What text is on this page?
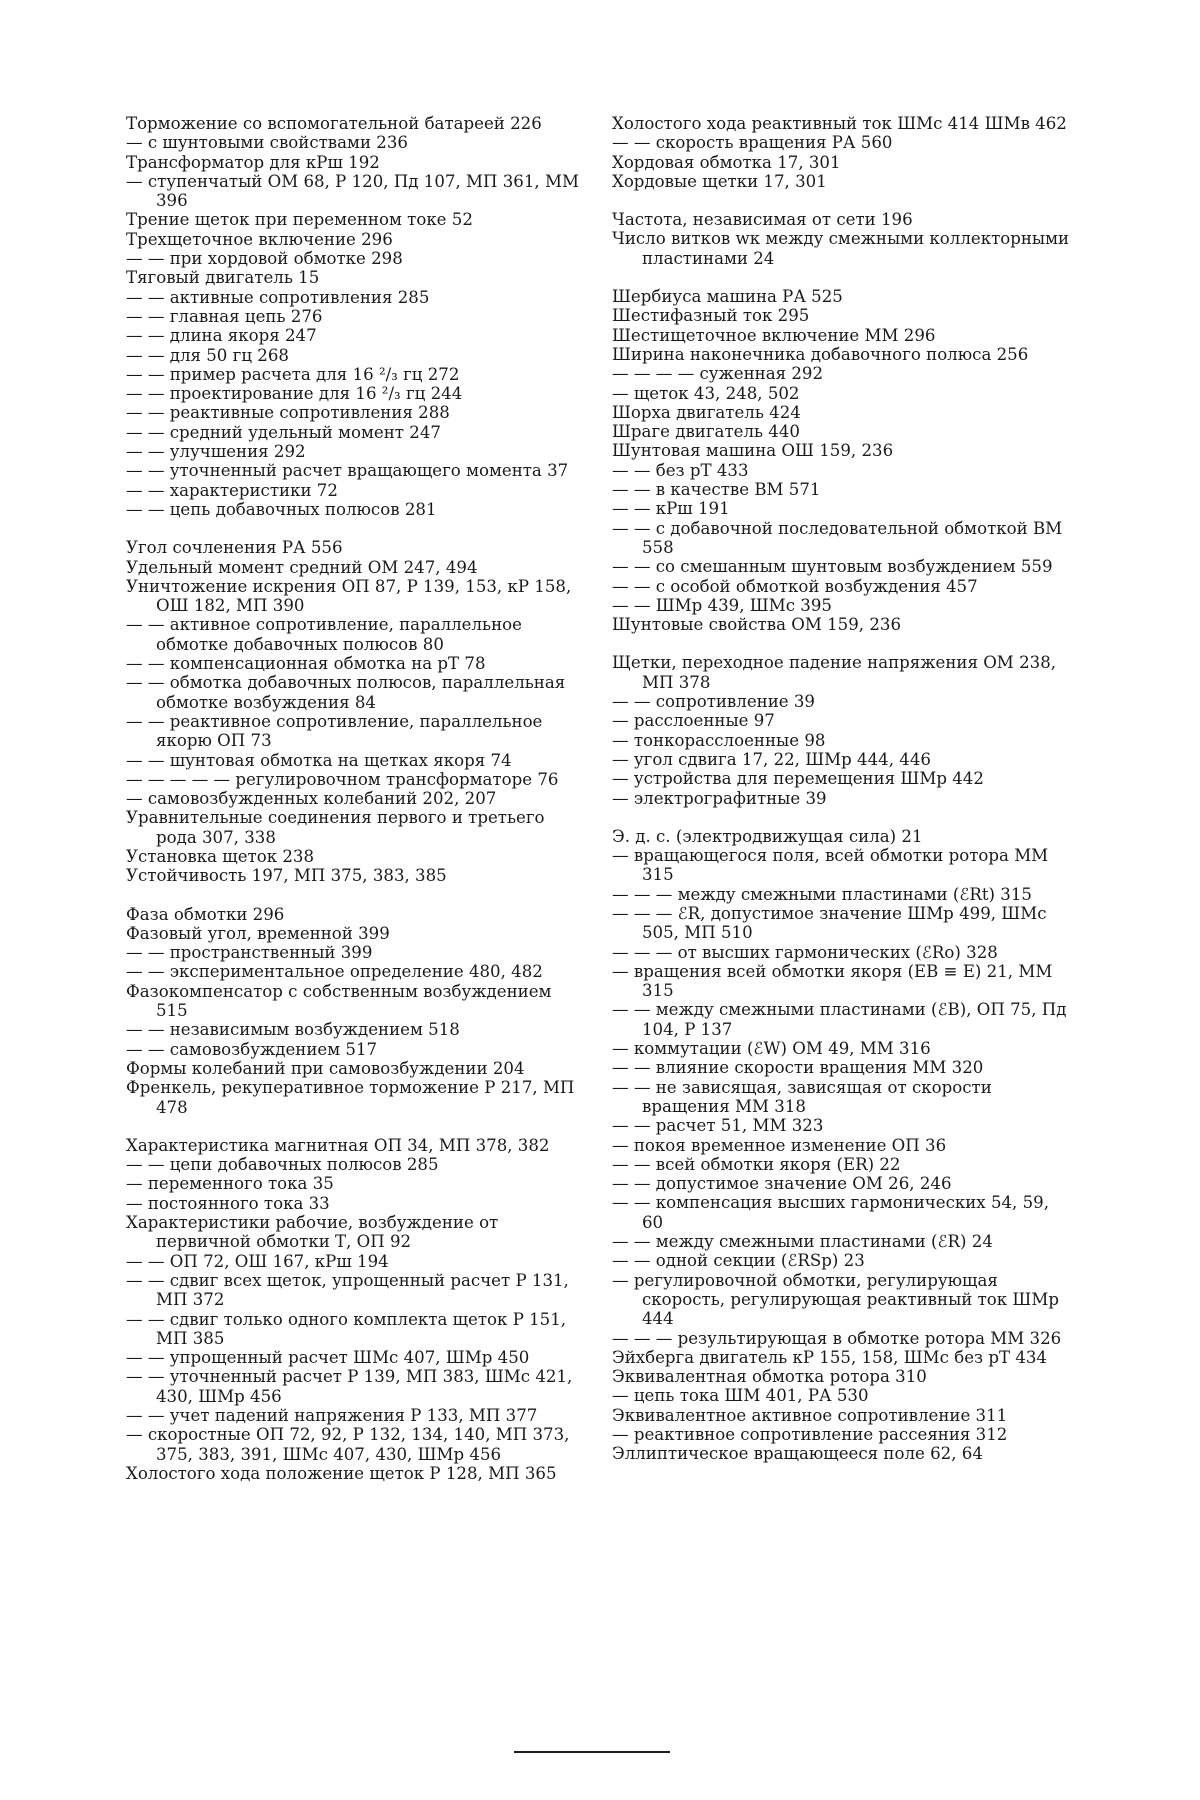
Торможение со вспомогательной батареей 226

— с шунтовыми свойствами 236

Трансформатор для кРш 192

— ступенчатый ОМ 68, Р 120, Пд 107, МП 361, ММ 396

Трение щеток при переменном токе 52

Трехщеточное включение 296

— — при хордовой обмотке 298

Тяговый двигатель 15

— — активные сопротивления 285

— — главная цепь 276

— — длина якоря 247

— — для 50 гц 268

— — пример расчета для 16 ²/₃ гц 272

— — проектирование для 16 ²/₃ гц 244

— — реактивные сопротивления 288

— — средний удельный момент 247

— — улучшения 292

— — уточненный расчет вращающего момента 37

— — характеристики 72

— — цепь добавочных полюсов 281

Угол сочленения РА 556

Удельный момент средний ОМ 247, 494

Уничтожение искрения ОП 87, Р 139, 153, кР 158, ОШ 182, МП 390

— — активное сопротивление, параллельное обмотке добавочных полюсов 80

— — компенсационная обмотка на рТ 78

— — обмотка добавочных полюсов, параллельная обмотке возбуждения 84

— — реактивное сопротивление, параллельное якорю ОП 73

— — шунтовая обмотка на щетках якоря 74

— — — — — регулировочном трансформаторе 76

— самовозбужденных колебаний 202, 207

Уравнительные соединения первого и третьего рода 307, 338

Установка щеток 238

Устойчивость 197, МП 375, 383, 385

Фаза обмотки 296

Фазовый угол, временной 399

— — пространственный 399

— — экспериментальное определение 480, 482

Фазокомпенсатор с собственным возбуждением 515

— — независимым возбуждением 518

— — самовозбуждением 517

Формы колебаний при самовозбуждении 204

Френкель, рекуперативное торможение Р 217, МП 478

Характеристика магнитная ОП 34, МП 378, 382

— — цепи добавочных полюсов 285

— переменного тока 35

— постоянного тока 33

Характеристики рабочие, возбуждение от первичной обмотки Т, ОП 92

— — ОП 72, ОШ 167, кРш 194

— — сдвиг всех щеток, упрощенный расчет Р 131, МП 372

— — сдвиг только одного комплекта щеток Р 151, МП 385

— — упрощенный расчет ШМс 407, ШМр 450

— — уточненный расчет Р 139, МП 383, ШМс 421, 430, ШМр 456

— — учет падений напряжения Р 133, МП 377

— скоростные ОП 72, 92, Р 132, 134, 140, МП 373, 375, 383, 391, ШМс 407, 430, ШМр 456

Холостого хода положение щеток Р 128, МП 365

Холостого хода реактивный ток ШМс 414 ШМв 462

— — скорость вращения РА 560

Хордовая обмотка 17, 301

Хордовые щетки 17, 301

Частота, независимая от сети 196

Число витков wк между смежными коллекторными пластинами 24

Шербиуса машина РА 525

Шестифазный ток 295

Шестищеточное включение ММ 296

Ширина наконечника добавочного полюса 256

— — — — суженная 292

— щеток 43, 248, 502

Шорха двигатель 424

Шраге двигатель 440

Шунтовая машина ОШ 159, 236

— — без рТ 433

— — в качестве ВМ 571

— — кРш 191

— — с добавочной последовательной обмоткой ВМ 558

— — со смешанным шунтовым возбуждением 559

— — с особой обмоткой возбуждения 457

— — ШМр 439, ШМс 395

Шунтовые свойства ОМ 159, 236

Щетки, переходное падение напряжения ОМ 238, МП 378

— — сопротивление 39

— расслоенные 97

— тонкорасслоенные 98

— угол сдвига 17, 22, ШМр 444, 446

— устройства для перемещения ШМр 442

— электрографитные 39

Э. д. с. (электродвижущая сила) 21

— вращающегося поля, всей обмотки ротора ММ 315

— — — между смежными пластинами (ℰRt) 315

— — — ℰR, допустимое значение ШМр 499, ШМс 505, МП 510

— — — от высших гармонических (ℰRo) 328

— вращения всей обмотки якоря (EB ≡ E) 21, ММ 315

— — между смежными пластинами (ℰB), ОП 75, Пд 104, Р 137

— коммутации (ℰW) ОМ 49, ММ 316

— — влияние скорости вращения ММ 320

— — не зависящая, зависящая от скорости вращения ММ 318

— — расчет 51, ММ 323

— покоя временное изменение ОП 36

— — всей обмотки якоря (ER) 22

— — допустимое значение ОМ 26, 246

— — компенсация высших гармонических 54, 59, 60

— — между смежными пластинами (ℰR) 24

— — одной секции (ℰRSp) 23

— регулировочной обмотки, регулирующая скорость, регулирующая реактивный ток ШМр 444

— — — результирующая в обмотке ротора ММ 326

Эйхберга двигатель кР 155, 158, ШМс без рТ 434

Эквивалентная обмотка ротора 310

— цепь тока ШМ 401, РА 530

Эквивалентное активное сопротивление 311

— реактивное сопротивление рассеяния 312

Эллиптическое вращающееся поле 62, 64
